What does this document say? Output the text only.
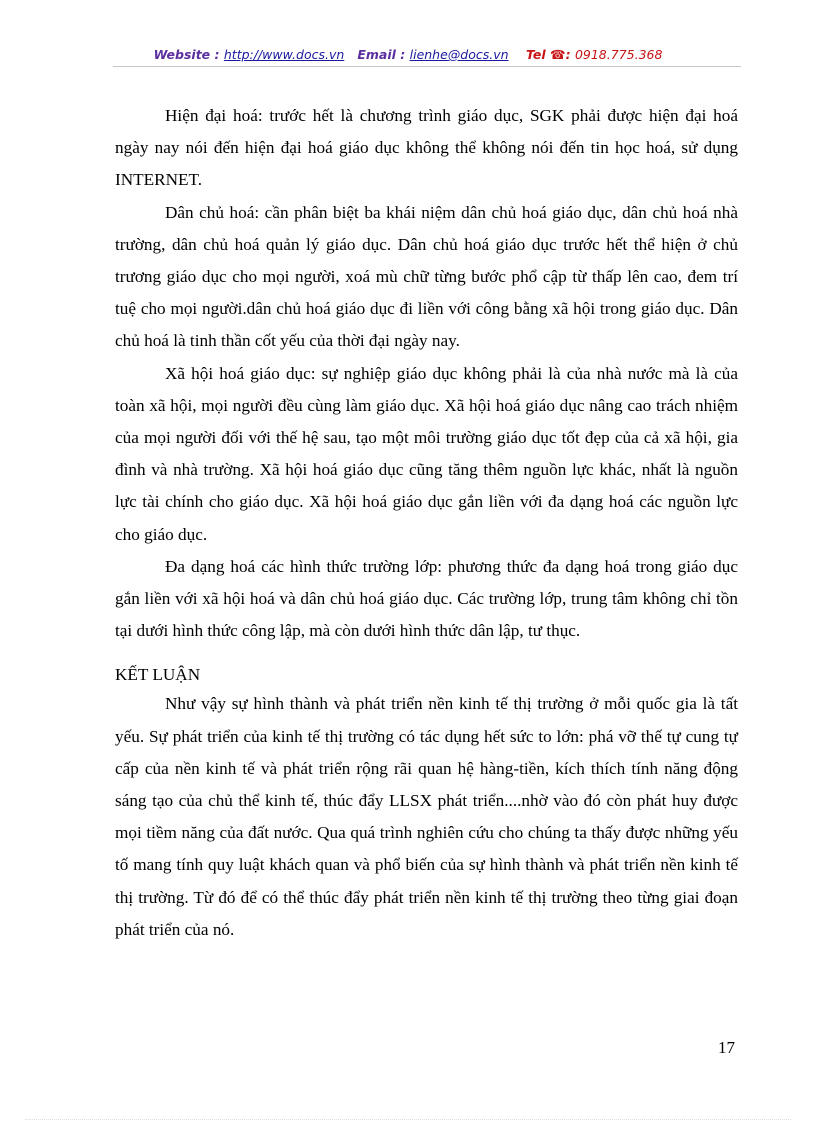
Website : http://www.docs.vn Email : lienhe@docs.vn Tel ☎: 0918.775.368

Hiện đại hoá: trước hết là chương trình giáo dục, SGK phải được hiện đại hoá ngày nay nói đến hiện đại hoá giáo dục không thể không nói đến tin học hoá, sử dụng INTERNET.

Dân chủ hoá: cần phân biệt ba khái niệm dân chủ hoá giáo dục, dân chủ hoá nhà trường, dân chủ hoá quản lý giáo dục. Dân chủ hoá giáo dục trước hết thể hiện ở chủ trương giáo dục cho mọi người, xoá mù chữ từng bước phổ cập từ thấp lên cao, đem trí tuệ cho mọi người.dân chủ hoá giáo dục đi liền với công bằng xã hội trong giáo dục. Dân chủ hoá là tinh thần cốt yếu của thời đại ngày nay.

Xã hội hoá giáo dục: sự nghiệp giáo dục không phải là của nhà nước mà là của toàn xã hội, mọi người đều cùng làm giáo dục. Xã hội hoá giáo dục nâng cao trách nhiệm của mọi người đối với thế hệ sau, tạo một môi trường giáo dục tốt đẹp của cả xã hội, gia đình và nhà trường. Xã hội hoá giáo dục cũng tăng thêm nguồn lực khác, nhất là nguồn lực tài chính cho giáo dục. Xã hội hoá giáo dục gắn liền với đa dạng hoá các nguồn lực cho giáo dục.

Đa dạng hoá các hình thức trường lớp: phương thức đa dạng hoá trong giáo dục gắn liền với xã hội hoá và dân chủ hoá giáo dục. Các trường lớp, trung tâm không chỉ tồn tại dưới hình thức công lập, mà còn dưới hình thức dân lập, tư thục.

KẾT LUẬN

Như vậy sự hình thành và phát triển nền kinh tế thị trường ở mỗi quốc gia là tất yếu. Sự phát triển của kinh tế thị trường có tác dụng hết sức to lớn: phá vỡ thế tự cung tự cấp của nền kinh tế và phát triển rộng rãi quan hệ hàng-tiền, kích thích tính năng động sáng tạo của chủ thể kinh tế, thúc đẩy LLSX phát triển....nhờ vào đó còn phát huy được mọi tiềm năng của đất nước. Qua quá trình nghiên cứu cho chúng ta thấy được những yếu tố mang tính quy luật khách quan và phổ biến của sự hình thành và phát triển nền kinh tế thị trường. Từ đó để có thể thúc đẩy phát triển nền kinh tế thị trường theo từng giai đoạn phát triển của nó.

17
